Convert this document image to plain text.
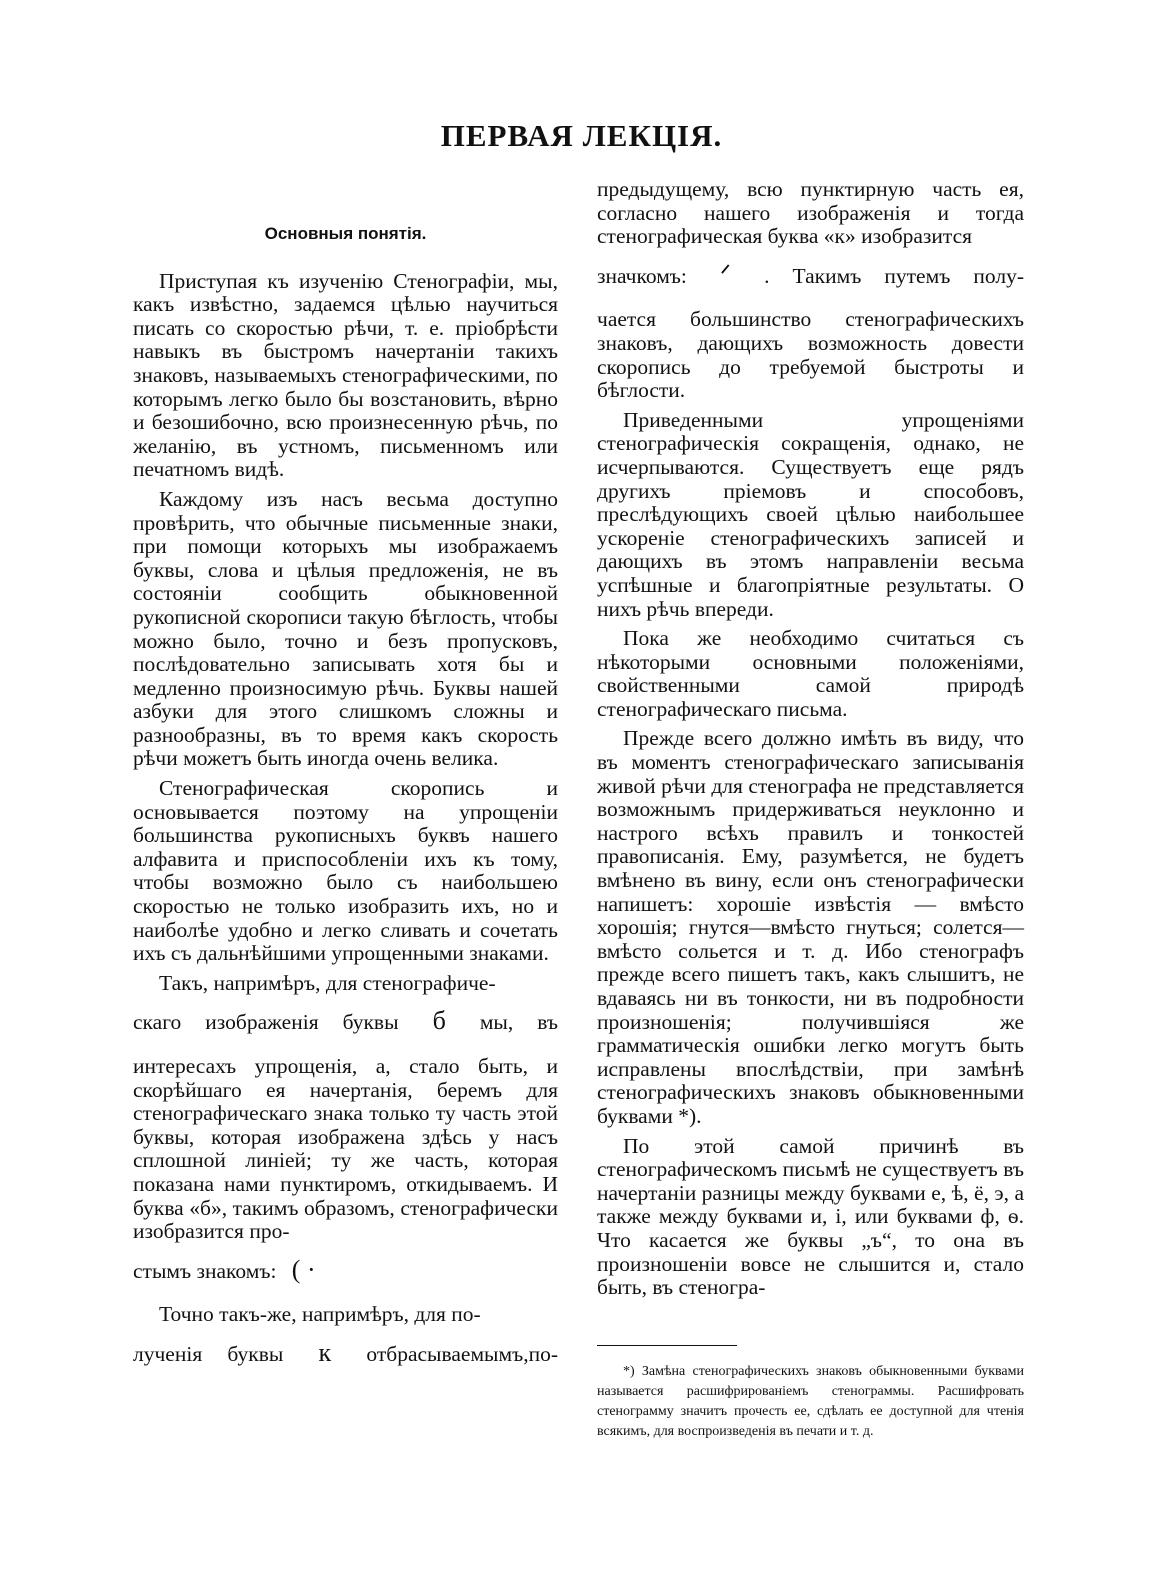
ПЕРВАЯ ЛЕКЦІЯ.
Основныя понятія.

Приступая къ изученію Стенографіи, мы, какъ извѣстно, задаемся цѣлью научиться писать со скоростью рѣчи, т. е. пріобрѣсти навыкъ въ быстромъ начертаніи такихъ знаковъ, называемыхъ стенографическими, по которымъ легко было бы возстановить, вѣрно и безошибочно, всю произнесенную рѣчь, по желанію, въ устномъ, письменномъ или печатномъ видѣ.

Каждому изъ насъ весьма доступно провѣрить, что обычные письменные знаки, при помощи которыхъ мы изображаемъ буквы, слова и цѣлыя предложенія, не въ состояніи сообщить обыкновенной рукописной скорописи такую бѣглость, чтобы можно было, точно и безъ пропусковъ, послѣдовательно записывать хотя бы и медленно произносимую рѣчь. Буквы нашей азбуки для этого слишкомъ сложны и разнообразны, въ то время какъ скорость рѣчи можетъ быть иногда очень велика.

Стенографическая скоропись и основывается поэтому на упрощеніи большинства рукописныхъ буквъ нашего алфавита и приспособленіи ихъ къ тому, чтобы возможно было съ наибольшею скоростью не только изобразить ихъ, но и наиболѣе удобно и легко сливать и сочетать ихъ съ дальнѣйшими упрощенными знаками.

Такъ, напримѣръ, для стенографиче-

скаго изображенія буквы б мы, въ

интересахъ упрощенія, а, стало быть, и скорѣйшаго ея начертанія, беремъ для стенографическаго знака только ту часть этой буквы, которая изображена здѣсь у насъ сплошной линіей; ту же часть, которая показана нами пунктиромъ, откидываемъ. И буква «б», такимъ образомъ, стенографически изобразится про-

стымъ знакомъ: ( ·

Точно такъ-же, напримѣръ, для по-

лученія буквы к отбрасываемымъ,по-

предыдущему, всю пунктирную часть ея, согласно нашего изображенія и тогда стенографическая буква «к» изобразится

значкомъ: ᐟ . Такимъ путемъ полу-

чается большинство стенографическихъ знаковъ, дающихъ возможность довести скоропись до требуемой быстроты и бѣглости.

Приведенными упрощеніями стенографическія сокращенія, однако, не исчерпываются. Существуетъ еще рядъ другихъ пріемовъ и способовъ, преслѣдующихъ своей цѣлью наибольшее ускореніе стенографическихъ записей и дающихъ въ этомъ направленіи весьма успѣшные и благопріятные результаты. О нихъ рѣчь впереди.

Пока же необходимо считаться съ нѣкоторыми основными положеніями, свойственными самой природѣ стенографическаго письма.

Прежде всего должно имѣть въ виду, что въ моментъ стенографическаго записыванія живой рѣчи для стенографа не представляется возможнымъ придерживаться неуклонно и настрого всѣхъ правилъ и тонкостей правописанія. Ему, разумѣется, не будетъ вмѣнено въ вину, если онъ стенографически напишетъ: хорошіе извѣстія — вмѣсто хорошія; гнутся—вмѣсто гнуться; солется—вмѣсто сольется и т. д. Ибо стенографъ прежде всего пишетъ такъ, какъ слышитъ, не вдаваясь ни въ тонкости, ни въ подробности произношенія; получившіяся же грамматическія ошибки легко могутъ быть исправлены впослѣдствіи, при замѣнѣ стенографическихъ знаковъ обыкновенными буквами *).

По этой самой причинѣ въ стенографическомъ письмѣ не существуетъ въ начертаніи разницы между буквами е, ѣ, ё, э, а также между буквами и, і, или буквами ф, ѳ. Что касается же буквы „ъ“, то она въ произношеніи вовсе не слышится и, стало быть, въ стеногра-

*) Замѣна стенографическихъ знаковъ обыкновенными буквами называется расшифрированіемъ стенограммы. Расшифровать стенограмму значитъ прочесть ее, сдѣлать ее доступной для чтенія всякимъ, для воспроизведенія въ печати и т. д.
